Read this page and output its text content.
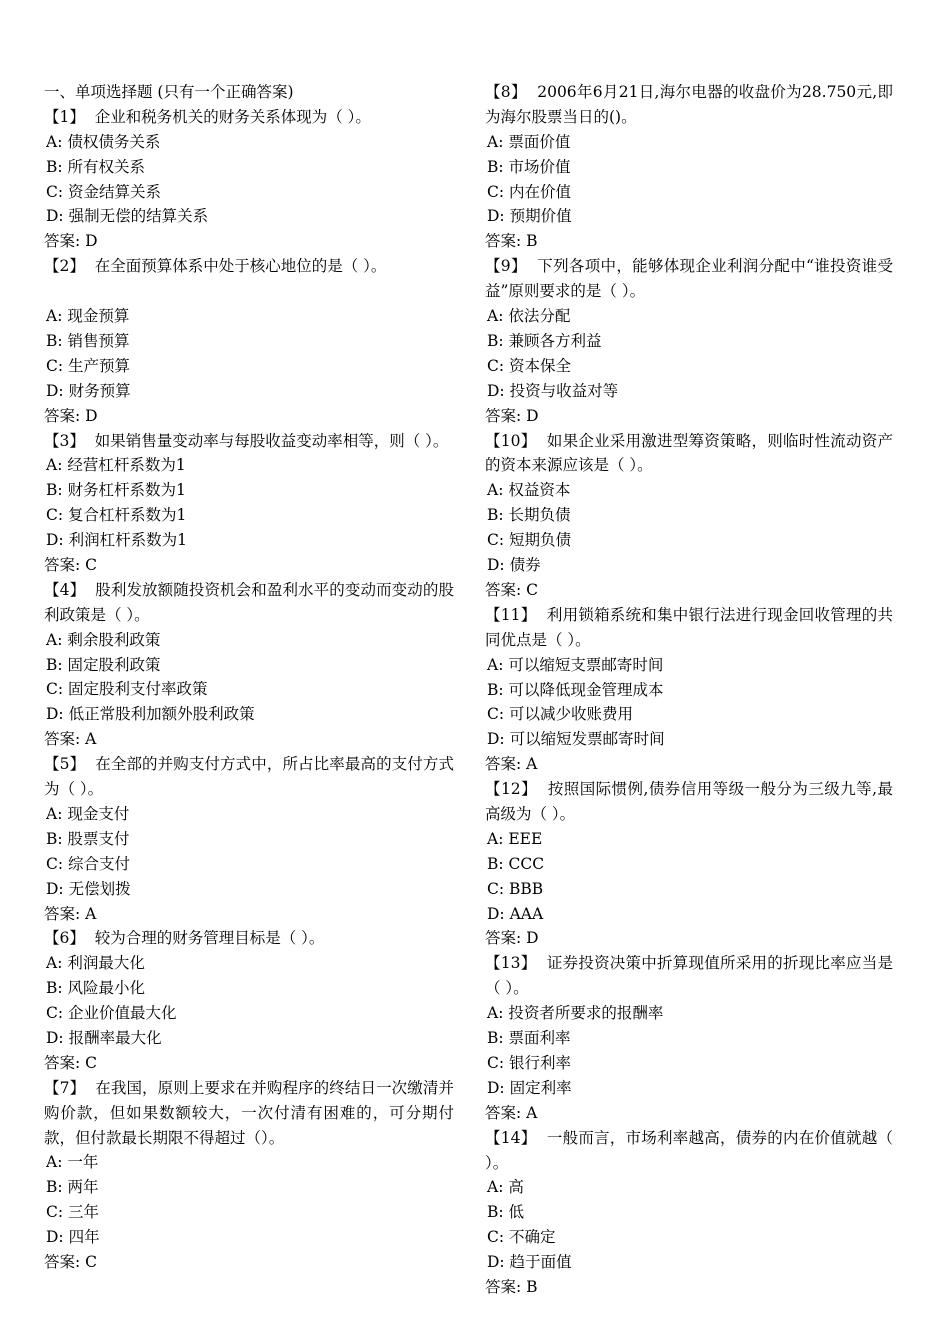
一、单项选择题 (只有一个正确答案)
【1】 企业和税务机关的财务关系体现为（ ）。
A: 债权债务关系
B: 所有权关系
C: 资金结算关系
D: 强制无偿的结算关系
答案: D
【2】 在全面预算体系中处于核心地位的是（ ）。
A: 现金预算
B: 销售预算
C: 生产预算
D: 财务预算
答案: D
【3】 如果销售量变动率与每股收益变动率相等，则（ ）。
A: 经营杠杆系数为1
B: 财务杠杆系数为1
C: 复合杠杆系数为1
D: 利润杠杆系数为1
答案: C
【4】 股利发放额随投资机会和盈利水平的变动而变动的股利政策是（ ）。
A: 剩余股利政策
B: 固定股利政策
C: 固定股利支付率政策
D: 低正常股利加额外股利政策
答案: A
【5】 在全部的并购支付方式中，所占比率最高的支付方式为（ ）。
A: 现金支付
B: 股票支付
C: 综合支付
D: 无偿划拨
答案: A
【6】 较为合理的财务管理目标是（ ）。
A: 利润最大化
B: 风险最小化
C: 企业价值最大化
D: 报酬率最大化
答案: C
【7】 在我国，原则上要求在并购程序的终结日一次缴清并购价款，但如果数额较大，一次付清有困难的，可分期付款，但付款最长期限不得超过（）。
A: 一年
B: 两年
C: 三年
D: 四年
答案: C
【8】 2006年6月21日,海尔电器的收盘价为28.750元,即为海尔股票当日的()。
A: 票面价值
B: 市场价值
C: 内在价值
D: 预期价值
答案: B
【9】 下列各项中，能够体现企业利润分配中“谁投资谁受益”原则要求的是（ ）。
A: 依法分配
B: 兼顾各方利益
C: 资本保全
D: 投资与收益对等
答案: D
【10】 如果企业采用激进型筹资策略，则临时性流动资产的资本来源应该是（ ）。
A: 权益资本
B: 长期负债
C: 短期负债
D: 债券
答案: C
【11】 利用锁箱系统和集中银行法进行现金回收管理的共同优点是（ ）。
A: 可以缩短支票邮寄时间
B: 可以降低现金管理成本
C: 可以减少收账费用
D: 可以缩短发票邮寄时间
答案: A
【12】 按照国际惯例,债券信用等级一般分为三级九等,最高级为（ ）。
A: EEE
B: CCC
C: BBB
D: AAA
答案: D
【13】 证券投资决策中折算现值所采用的折现比率应当是（ ）。
A: 投资者所要求的报酬率
B: 票面利率
C: 银行利率
D: 固定利率
答案: A
【14】 一般而言，市场利率越高，债券的内在价值就越（ ）。
A: 高
B: 低
C: 不确定
D: 趋于面值
答案: B
